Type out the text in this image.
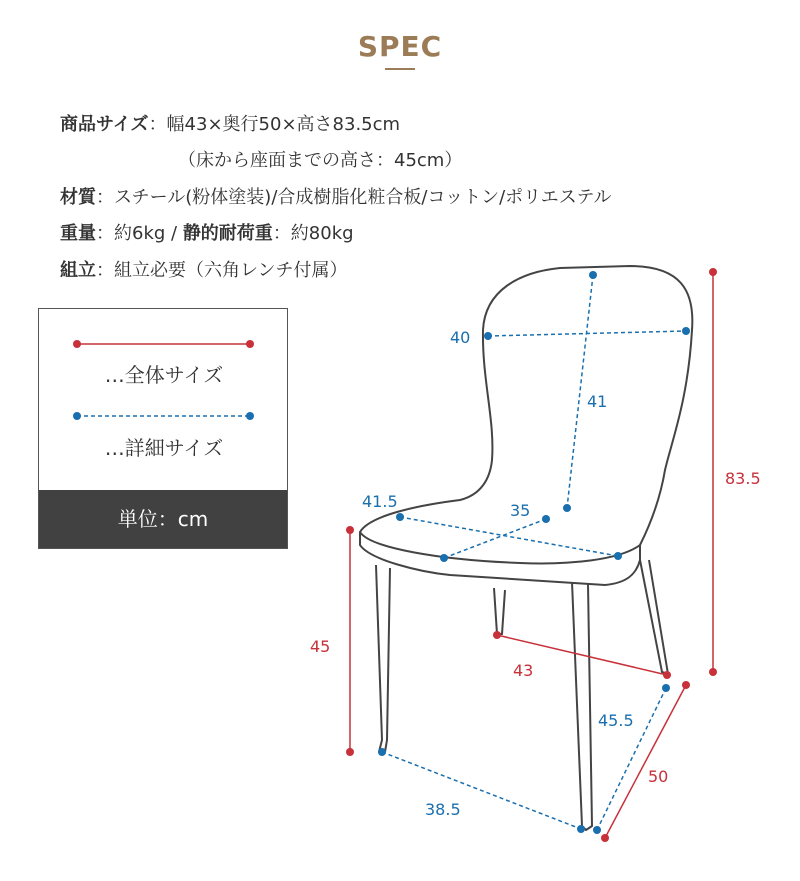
SPEC
商品サイズ：幅43×奥行50×高さ83.5cm
（床から座面までの高さ：45cm）
材質：スチール(粉体塗装)/合成樹脂化粧合板/コットン/ポリエステル
重量：約6kg / 静的耐荷重：約80kg
組立：組立必要（六角レンチ付属）
…全体サイズ
…詳細サイズ
単位：cm
40
41
41.5	35
45.5
38.5
83.5
45
43
50
